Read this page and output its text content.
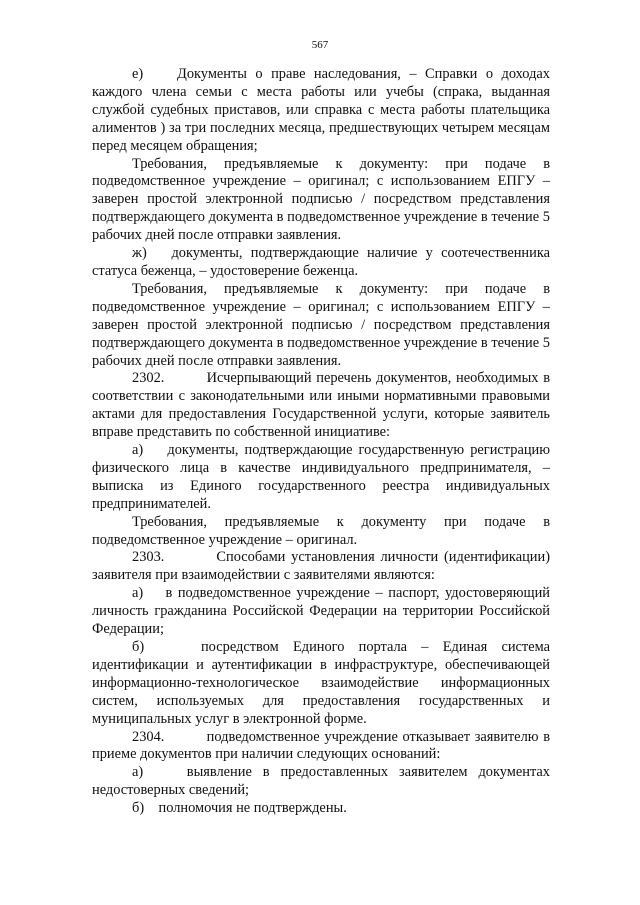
567

е)    Документы о праве наследования, – Справки о доходах каждого члена семьи с места работы или учебы (спрака, выданная службой судебных приставов, или справка с места работы плательщика алиментов ) за три последних месяца, предшествующих четырем месяцам перед месяцем обращения;

Требования, предъявляемые к документу: при подаче в подведомственное учреждение – оригинал; с использованием ЕПГУ – заверен простой электронной подписью / посредством представления подтверждающего документа в подведомственное учреждение в течение 5 рабочих дней после отправки заявления.

ж)   документы, подтверждающие наличие у соотечественника статуса беженца, – удостоверение беженца.

Требования, предъявляемые к документу: при подаче в подведомственное учреждение – оригинал; с использованием ЕПГУ – заверен простой электронной подписью / посредством представления подтверждающего документа в подведомственное учреждение в течение 5 рабочих дней после отправки заявления.

2302.         Исчерпывающий перечень документов, необходимых в соответствии с законодательными или иными нормативными правовыми актами для предоставления Государственной услуги, которые заявитель вправе представить по собственной инициативе:

а)    документы, подтверждающие государственную регистрацию физического лица в качестве индивидуального предпринимателя, – выписка из Единого государственного реестра индивидуальных предпринимателей.

Требования, предъявляемые к документу при подаче в подведомственное учреждение – оригинал.

2303.         Способами установления личности (идентификации) заявителя при взаимодействии с заявителями являются:

а)    в подведомственное учреждение – паспорт, удостоверяющий личность гражданина Российской Федерации на территории Российской Федерации;

б)    посредством Единого портала – Единая система идентификации и аутентификации в инфраструктуре, обеспечивающей информационно-технологическое взаимодействие информационных систем, используемых для предоставления государственных и муниципальных услуг в электронной форме.

2304.         подведомственное учреждение отказывает заявителю в приеме документов при наличии следующих оснований:

а)    выявление в предоставленных заявителем документах недостоверных сведений;

б)    полномочия не подтверждены.
